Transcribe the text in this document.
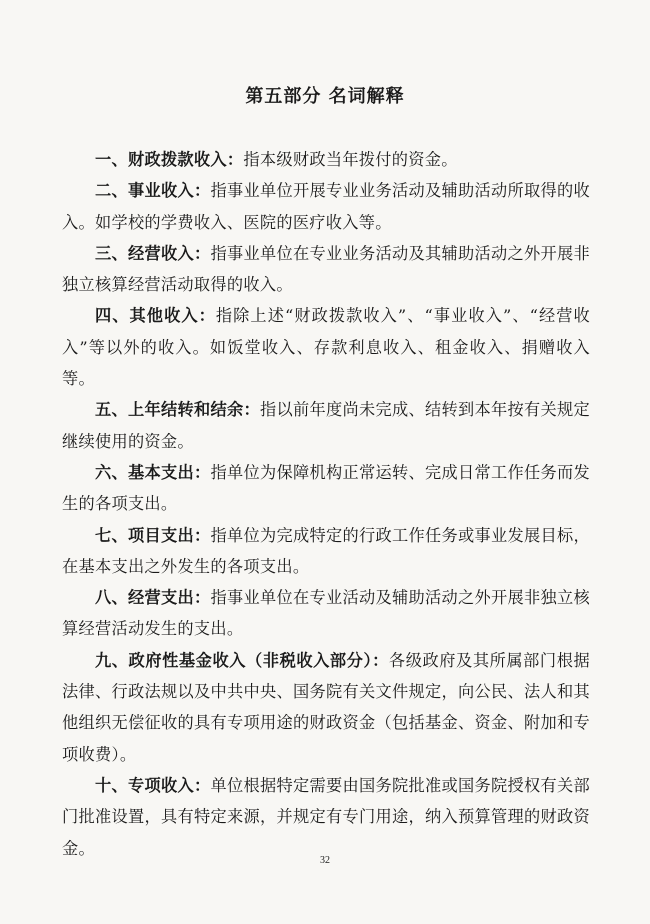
第五部分 名词解释

一、财政拨款收入：指本级财政当年拨付的资金。

二、事业收入：指事业单位开展专业业务活动及辅助活动所取得的收入。如学校的学费收入、医院的医疗收入等。

三、经营收入：指事业单位在专业业务活动及其辅助活动之外开展非独立核算经营活动取得的收入。

四、其他收入：指除上述“财政拨款收入”、“事业收入”、“经营收入”等以外的收入。如饭堂收入、存款利息收入、租金收入、捐赠收入等。

五、上年结转和结余：指以前年度尚未完成、结转到本年按有关规定继续使用的资金。

六、基本支出：指单位为保障机构正常运转、完成日常工作任务而发生的各项支出。

七、项目支出：指单位为完成特定的行政工作任务或事业发展目标，在基本支出之外发生的各项支出。

八、经营支出：指事业单位在专业活动及辅助活动之外开展非独立核算经营活动发生的支出。

九、政府性基金收入（非税收入部分）：各级政府及其所属部门根据法律、行政法规以及中共中央、国务院有关文件规定，向公民、法人和其他组织无偿征收的具有专项用途的财政资金（包括基金、资金、附加和专项收费）。

十、专项收入：单位根据特定需要由国务院批准或国务院授权有关部门批准设置，具有特定来源，并规定有专门用途，纳入预算管理的财政资金。

32
